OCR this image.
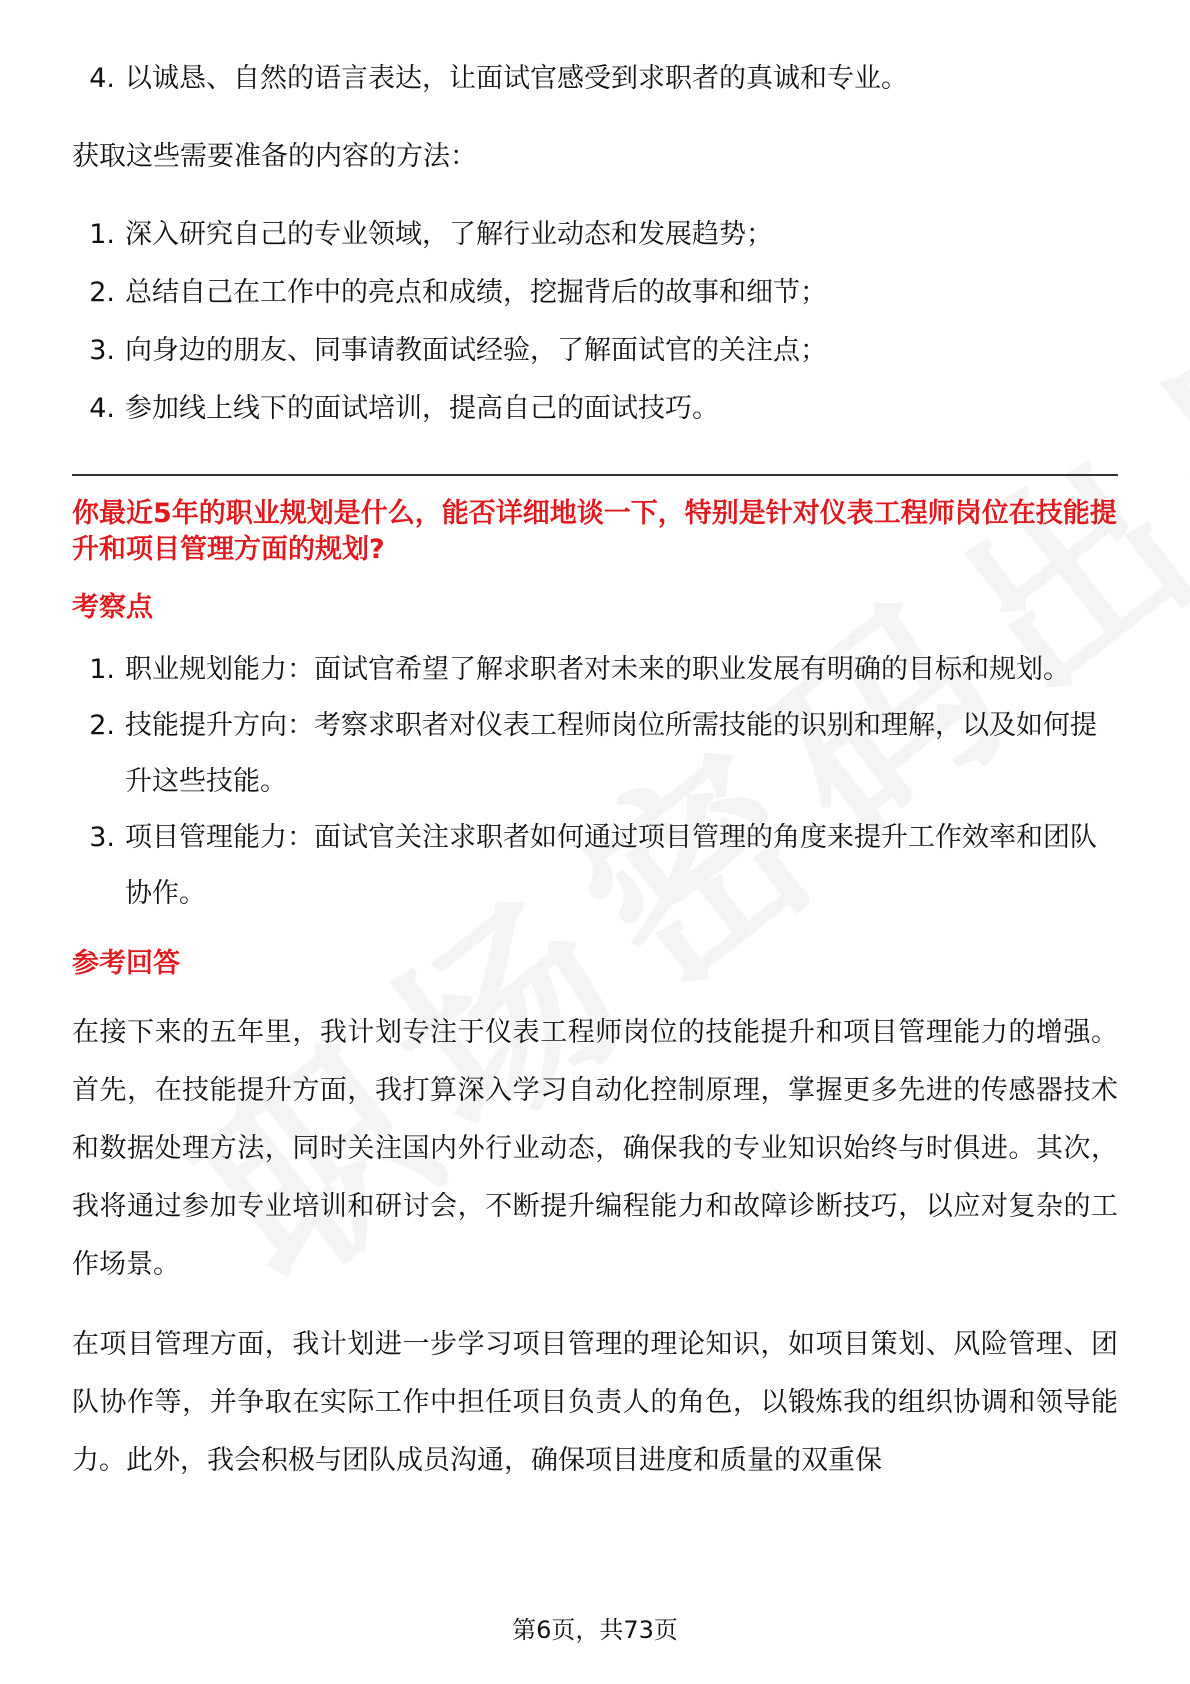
4. 以诚恳、自然的语言表达，让面试官感受到求职者的真诚和专业。

获取这些需要准备的内容的方法：

1. 深入研究自己的专业领域，了解行业动态和发展趋势；
2. 总结自己在工作中的亮点和成绩，挖掘背后的故事和细节；
3. 向身边的朋友、同事请教面试经验，了解面试官的关注点；
4. 参加线上线下的面试培训，提高自己的面试技巧。

你最近5年的职业规划是什么，能否详细地谈一下，特别是针对仪表工程师岗位在技能提升和项目管理方面的规划?

考察点

1. 职业规划能力：面试官希望了解求职者对未来的职业发展有明确的目标和规划。
2. 技能提升方向：考察求职者对仪表工程师岗位所需技能的识别和理解，以及如何提升这些技能。
3. 项目管理能力：面试官关注求职者如何通过项目管理的角度来提升工作效率和团队协作。

参考回答

在接下来的五年里，我计划专注于仪表工程师岗位的技能提升和项目管理能力的增强。首先，在技能提升方面，我打算深入学习自动化控制原理，掌握更多先进的传感器技术和数据处理方法，同时关注国内外行业动态，确保我的专业知识始终与时俱进。其次，我将通过参加专业培训和研讨会，不断提升编程能力和故障诊断技巧，以应对复杂的工作场景。

在项目管理方面，我计划进一步学习项目管理的理论知识，如项目策划、风险管理、团队协作等，并争取在实际工作中担任项目负责人的角色，以锻炼我的组织协调和领导能力。此外，我会积极与团队成员沟通，确保项目进度和质量的双重保

第6页，共73页
